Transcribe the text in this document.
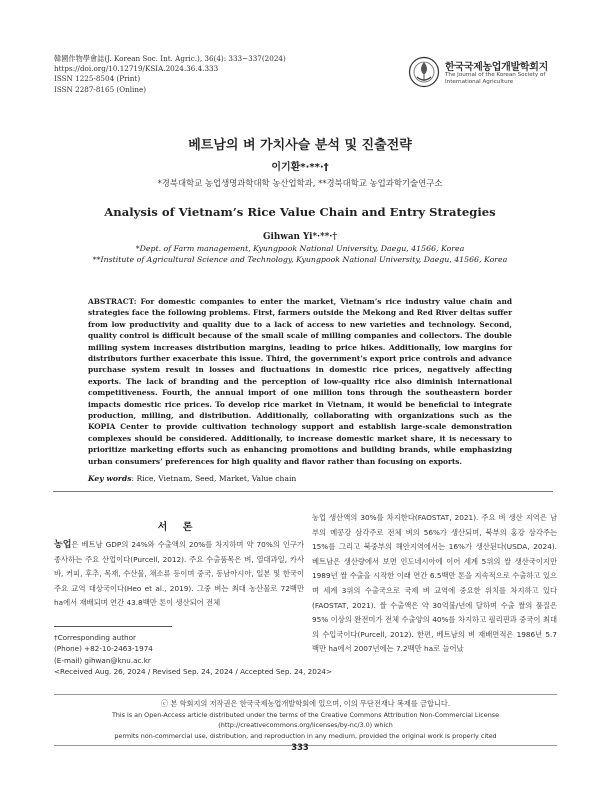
韓國作物學會誌(J. Korean Soc. Int. Agric.), 36(4): 333~337(2024)
https://doi.org/10.12719/KSIA.2024.36.4.333
ISSN 1225-8504 (Print)
ISSN 2287-8165 (Online)
한국국제농업개발학회지
The Journal of the Korean Society of International Agriculture
베트남의 벼 가치사슬 분석 및 진출전략
이기환*·**·†
*경북대학교 농업생명과학대학 농산업학과, **경북대학교 농업과학기술연구소
Analysis of Vietnam’s Rice Value Chain and Entry Strategies
Gihwan Yi*·**·†
*Dept. of Farm management, Kyungpook National University, Daegu, 41566, Korea
**Institute of Agricultural Science and Technology, Kyungpook National University, Daegu, 41566, Korea
ABSTRACT: For domestic companies to enter the market, Vietnam’s rice industry value chain and strategies face the following problems. First, farmers outside the Mekong and Red River deltas suffer from low productivity and quality due to a lack of access to new varieties and technology. Second, quality control is difficult because of the small scale of milling companies and collectors. The double milling system increases distribution margins, leading to price hikes. Additionally, low margins for distributors further exacerbate this issue. Third, the government’s export price controls and advance purchase system result in losses and fluctuations in domestic rice prices, negatively affecting exports. The lack of branding and the perception of low-quality rice also diminish international competitiveness. Fourth, the annual import of one million tons through the southeastern border impacts domestic rice prices. To develop rice market in Vietnam, it would be beneficial to integrate production, milling, and distribution. Additionally, collaborating with organizations such as the KOPIA Center to provide cultivation technology support and establish large-scale demonstration complexes should be considered. Additionally, to increase domestic market share, it is necessary to prioritize marketing efforts such as enhancing promotions and building brands, while emphasizing urban consumers’ preferences for high quality and flavor rather than focusing on exports.
Key words: Rice, Vietnam, Seed, Market, Value chain
서 론
농업은 베트남 GDP의 24%와 수출액의 20%를 차지하며 약 70%의 인구가 종사하는 주요 산업이다(Purcell, 2012). 주요 수출품목은 벼, 열대과일, 카사바, 커피, 후추, 목재, 수산물, 채소류 등이며 중국, 동남아시아, 일본 및 한국이 주요 교역 대상국이다(Heo et al., 2019). 그중 벼는 최대 농산물로 72백만 ha에서 재배되며 연간 43.8백만 톤이 생산되어 전체
농업 생산액의 30%를 차지한다(FAOSTAT, 2021). 주요 벼 생산 지역은 남부의 메콩강 삼각주로 전체 벼의 56%가 생산되며, 북부의 홍강 삼각주는 15%를 그리고 북중부의 해안지역에서는 16%가 생산된다(USDA, 2024). 베트남은 생산량에서 보면 인도네시아에 이어 세계 5위의 쌀 생산국이지만 1989년 쌀 수출을 시작한 이래 연간 6.5백만 톤을 지속적으로 수출하고 있으며 세계 3위의 수출국으로 국제 벼 교역에 중요한 위치를 차지하고 있다(FAOSTAT, 2021). 쌀 수출액은 약 30억불/년에 달하며 수출 쌀의 품질은 95% 이상의 완전미가 전체 수출양의 40%를 차지하고 필리핀과 중국이 최대의 수입국이다(Purcell, 2012). 한편, 베트남의 벼 재배면적은 1986년 5.7백만 ha에서 2007년에는 7.2백만 ha로 늘어났
†Corresponding author
(Phone) +82-10-2463-1974
(E-mail) gihwan@knu.ac.kr
<Received Aug. 26, 2024 / Revised Sep. 24, 2024 / Accepted Sep. 24, 2024>
ⓒ 본 학회지의 저작권은 한국국제농업개발학회에 있으며, 이의 무단전재나 복제를 금합니다.
This is an Open-Access article distributed under the terms of the Creative Commons Attribution Non-Commercial License (http://creativecommons.org/licenses/by-nc/3.0) which
permits non-commercial use, distribution, and reproduction in any medium, provided the original work is properly cited
333
